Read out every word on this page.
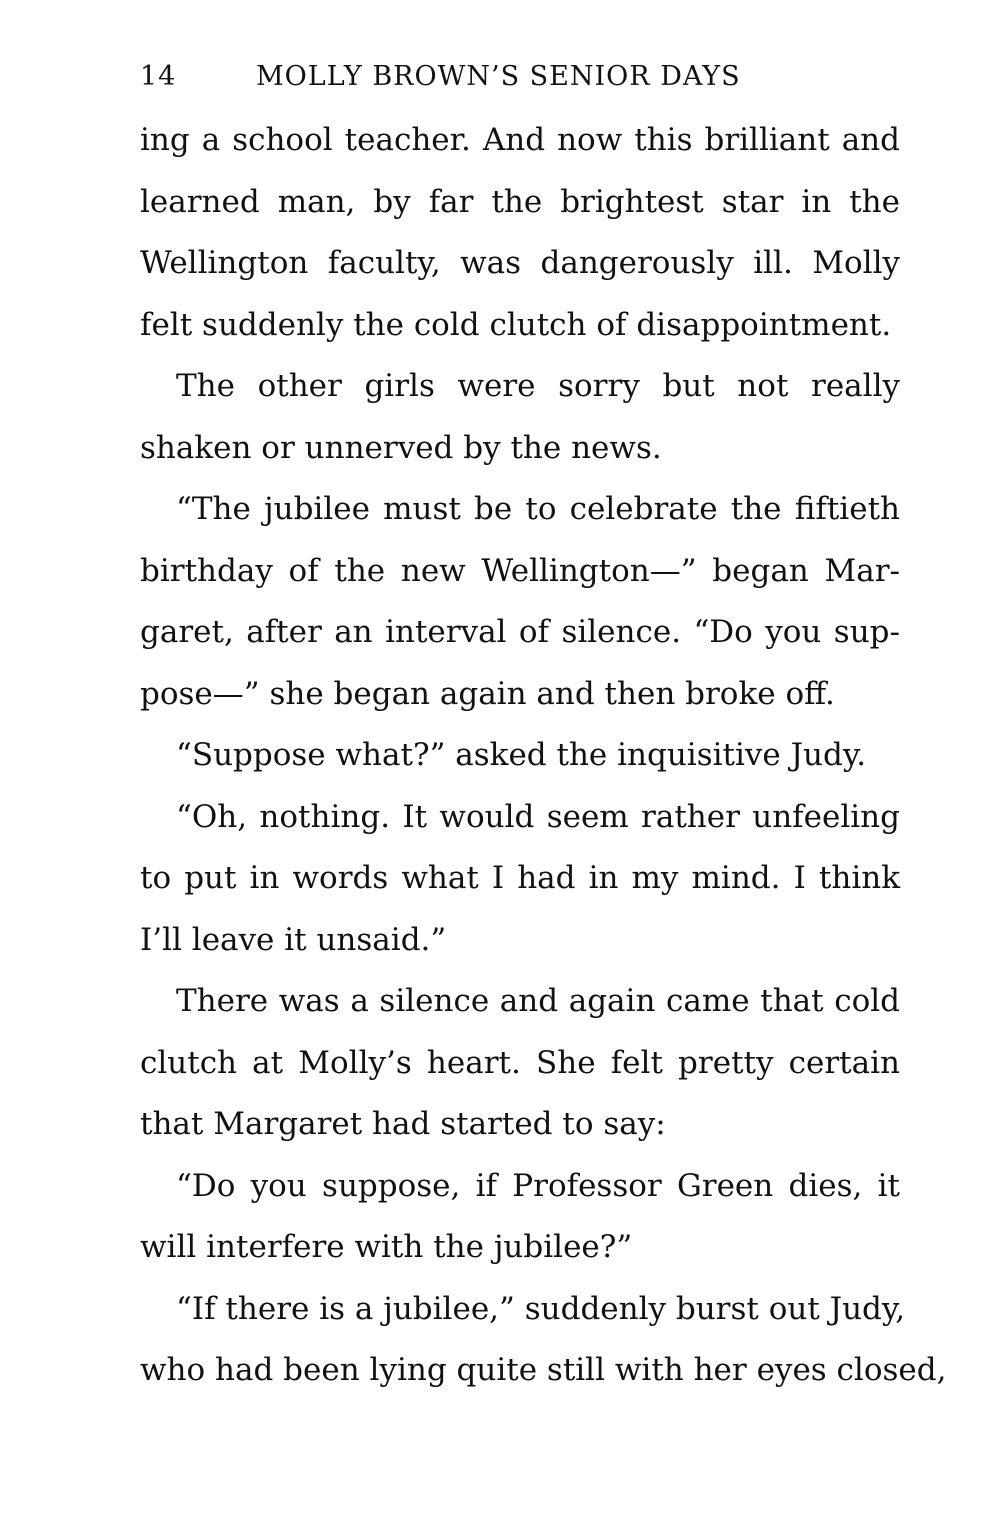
14	MOLLY BROWN’S SENIOR DAYS
ing a school teacher. And now this brilliant and
learned man, by far the brightest star in the
Wellington faculty, was dangerously ill. Molly
felt suddenly the cold clutch of disappointment.
The other girls were sorry but not really
shaken or unnerved by the news.
“The jubilee must be to celebrate the fiftieth
birthday of the new Wellington—” began Mar-
garet, after an interval of silence. “Do you sup-
pose—” she began again and then broke off.
“Suppose what?” asked the inquisitive Judy.
“Oh, nothing. It would seem rather unfeeling
to put in words what I had in my mind. I think
I’ll leave it unsaid.”
There was a silence and again came that cold
clutch at Molly’s heart. She felt pretty certain
that Margaret had started to say:
“Do you suppose, if Professor Green dies, it
will interfere with the jubilee?”
“If there is a jubilee,” suddenly burst out Judy,
who had been lying quite still with her eyes closed,
